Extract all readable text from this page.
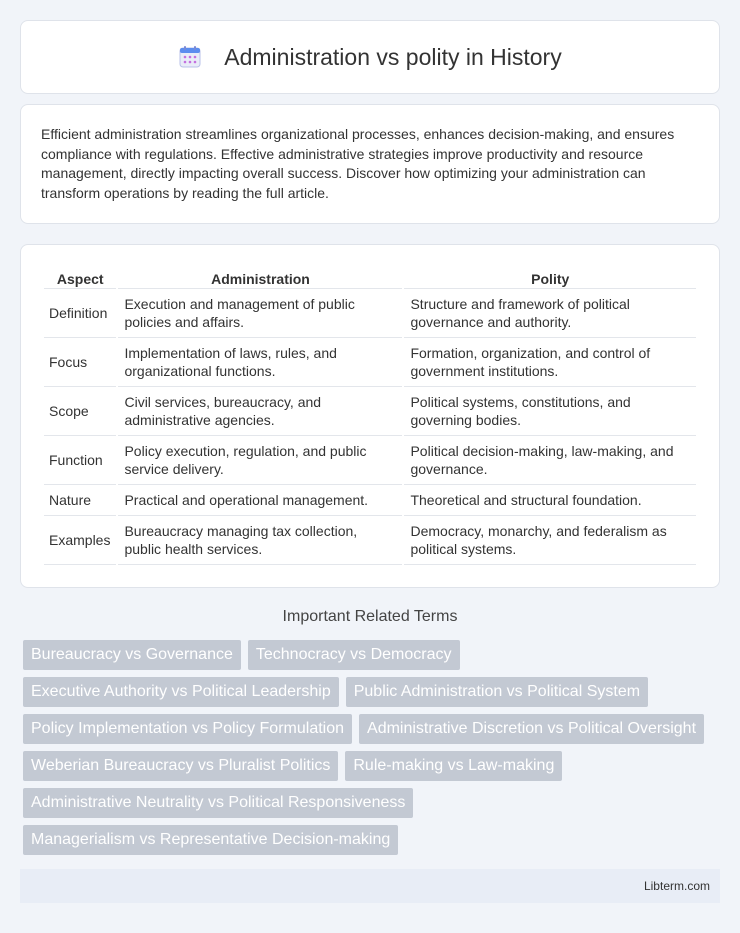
Administration vs polity in History

Efficient administration streamlines organizational processes, enhances decision-making, and ensures compliance with regulations. Effective administrative strategies improve productivity and resource management, directly impacting overall success. Discover how optimizing your administration can transform operations by reading the full article.

Aspect	Administration	Polity
Definition	Execution and management of public policies and affairs.	Structure and framework of political governance and authority.
Focus	Implementation of laws, rules, and organizational functions.	Formation, organization, and control of government institutions.
Scope	Civil services, bureaucracy, and administrative agencies.	Political systems, constitutions, and governing bodies.
Function	Policy execution, regulation, and public service delivery.	Political decision-making, law-making, and governance.
Nature	Practical and operational management.	Theoretical and structural foundation.
Examples	Bureaucracy managing tax collection, public health services.	Democracy, monarchy, and federalism as political systems.
Important Related Terms
Bureaucracy vs Governance	Technocracy vs Democracy
Executive Authority vs Political Leadership	Public Administration vs Political System
Policy Implementation vs Policy Formulation	Administrative Discretion vs Political Oversight
Weberian Bureaucracy vs Pluralist Politics	Rule-making vs Law-making
Administrative Neutrality vs Political Responsiveness
Managerialism vs Representative Decision-making
Libterm.com
